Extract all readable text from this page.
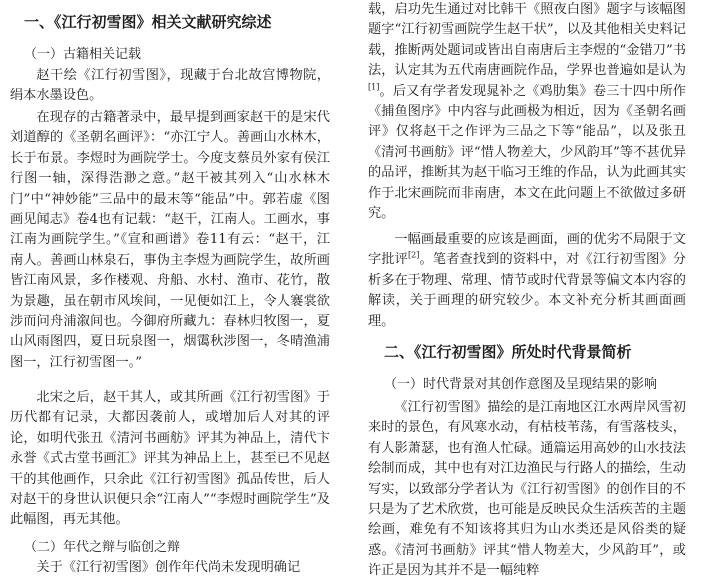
一、《江行初雪图》相关文献研究综述
（一）古籍相关记载

赵干绘《江行初雪图》，现藏于台北故宫博物院，绢本水墨设色。

在现存的古籍著录中，最早提到画家赵干的是宋代刘道醇的《圣朝名画评》：“亦江宁人。善画山水林木，长于布景。李煜时为画院学士。今度支蔡员外家有侯江行图一轴，深得浩渺之意。”赵干被其列入“山水林木门”中“神妙能”三品中的最末等“能品”中。郭若虚《图画见闻志》卷4也有记载：“赵干，江南人。工画水，事江南为画院学生。”《宣和画谱》卷11有云：“赵干，江南人。善画山林泉石，事伪主李煜为画院学生，故所画皆江南风景，多作楼观、舟船、水村、渔市、花竹，散为景趣，虽在朝市风埃间，一见便如江上，令人褰裳欲涉而问舟浦溆间也。今御府所藏九：春林归牧图一，夏山风雨图四，夏日玩泉图一，烟霭秋涉图一，冬晴渔浦图一，江行初雪图一。”

北宋之后，赵干其人，或其所画《江行初雪图》于历代都有记录，大都因袭前人，或增加后人对其的评论，如明代张丑《清河书画舫》评其为神品上，清代卞永誉《式古堂书画汇》评其为神品上上，甚至已不见赵干的其他画作，只余此《江行初雪图》孤品传世，后人对赵干的身世认识便只余“江南人”“李煜时画院学生”及此幅图，再无其他。

（二）年代之辩与临创之辩

关于《江行初雪图》创作年代尚未发现明确记

载，启功先生通过对比韩干《照夜白图》题字与该幅图题字“江行初雪画院学生赵干状”，以及其他相关史料记载，推断两处题词或皆出自南唐后主李煜的“金错刀”书法，认定其为五代南唐画院作品，学界也普遍如是认为[1]。后又有学者发现晁补之《鸡肋集》卷三十四中所作《捕鱼图序》中内容与此画极为相近，因为《圣朝名画评》仅将赵干之作评为三品之下等“能品”，以及张丑《清河书画舫》评“惜人物差大，少风韵耳”等不甚优异的品评，推断其为赵干临习王维的作品，认为此画其实作于北宋画院而非南唐，本文在此问题上不欲做过多研究。

一幅画最重要的应该是画面，画的优劣不局限于文字批评[2]。笔者查找到的资料中，对《江行初雪图》分析多在于物理、常理、情节或时代背景等偏文本内容的解读，关于画理的研究较少。本文补充分析其画面画理。

二、《江行初雪图》所处时代背景简析
（一）时代背景对其创作意图及呈现结果的影响

《江行初雪图》描绘的是江南地区江水两岸风雪初来时的景色，有风寒水动，有枯枝苇荡，有雪落枝头，有人影萧瑟，也有渔人忙碌。通篇运用高妙的山水技法绘制而成，其中也有对江边渔民与行路人的描绘，生动写实，以致部分学者认为《江行初雪图》的创作目的不只是为了艺术欣赏，也可能是反映民众生活疾苦的主题绘画，难免有不知该将其归为山水类还是风俗类的疑惑。《清河书画舫》评其“惜人物差大，少风韵耳”，或许正是因为其并不是一幅纯粹
